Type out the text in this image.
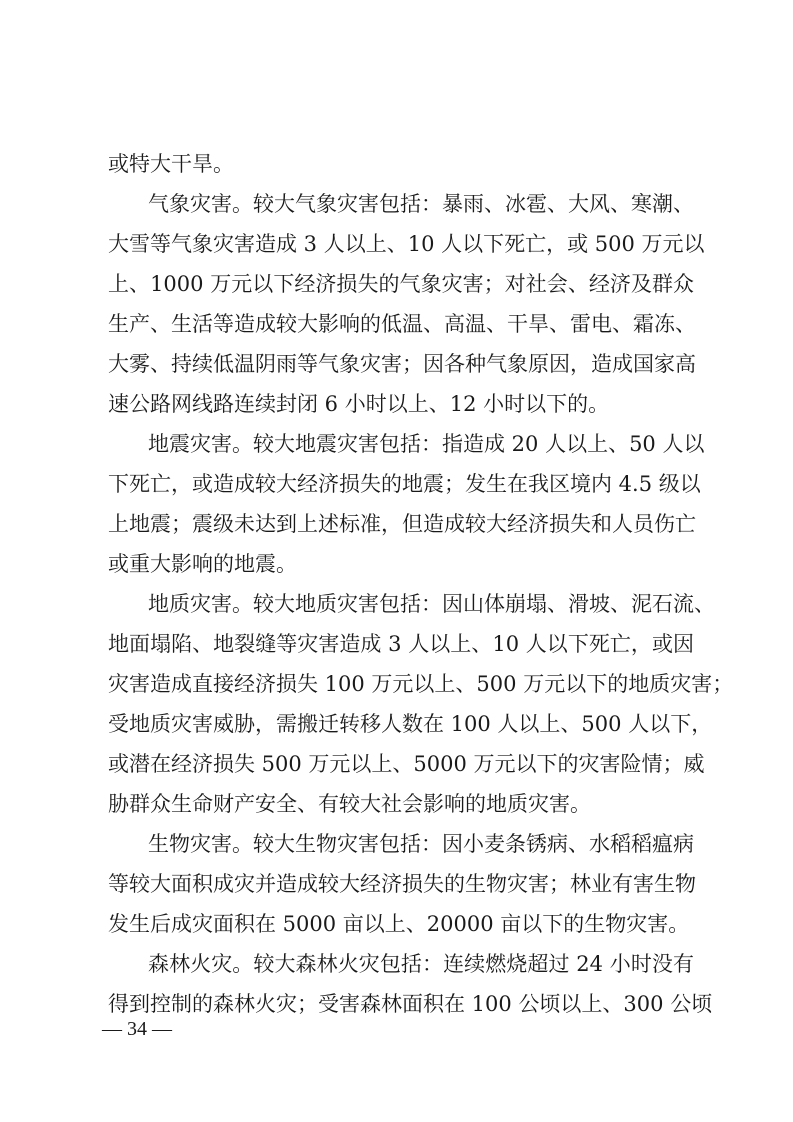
或特大干旱。
气象灾害。较大气象灾害包括：暴雨、冰雹、大风、寒潮、
大雪等气象灾害造成 3 人以上、10 人以下死亡，或 500 万元以
上、1000 万元以下经济损失的气象灾害；对社会、经济及群众
生产、生活等造成较大影响的低温、高温、干旱、雷电、霜冻、
大雾、持续低温阴雨等气象灾害；因各种气象原因，造成国家高
速公路网线路连续封闭 6 小时以上、12 小时以下的。
地震灾害。较大地震灾害包括：指造成 20 人以上、50 人以
下死亡，或造成较大经济损失的地震；发生在我区境内 4.5 级以
上地震；震级未达到上述标准，但造成较大经济损失和人员伤亡
或重大影响的地震。
地质灾害。较大地质灾害包括：因山体崩塌、滑坡、泥石流、
地面塌陷、地裂缝等灾害造成 3 人以上、10 人以下死亡，或因
灾害造成直接经济损失 100 万元以上、500 万元以下的地质灾害；
受地质灾害威胁，需搬迁转移人数在 100 人以上、500 人以下，
或潜在经济损失 500 万元以上、5000 万元以下的灾害险情；威
胁群众生命财产安全、有较大社会影响的地质灾害。
生物灾害。较大生物灾害包括：因小麦条锈病、水稻稻瘟病
等较大面积成灾并造成较大经济损失的生物灾害；林业有害生物
发生后成灾面积在 5000 亩以上、20000 亩以下的生物灾害。
森林火灾。较大森林火灾包括：连续燃烧超过 24 小时没有
得到控制的森林火灾；受害森林面积在 100 公顷以上、300 公顷
— 34 —
